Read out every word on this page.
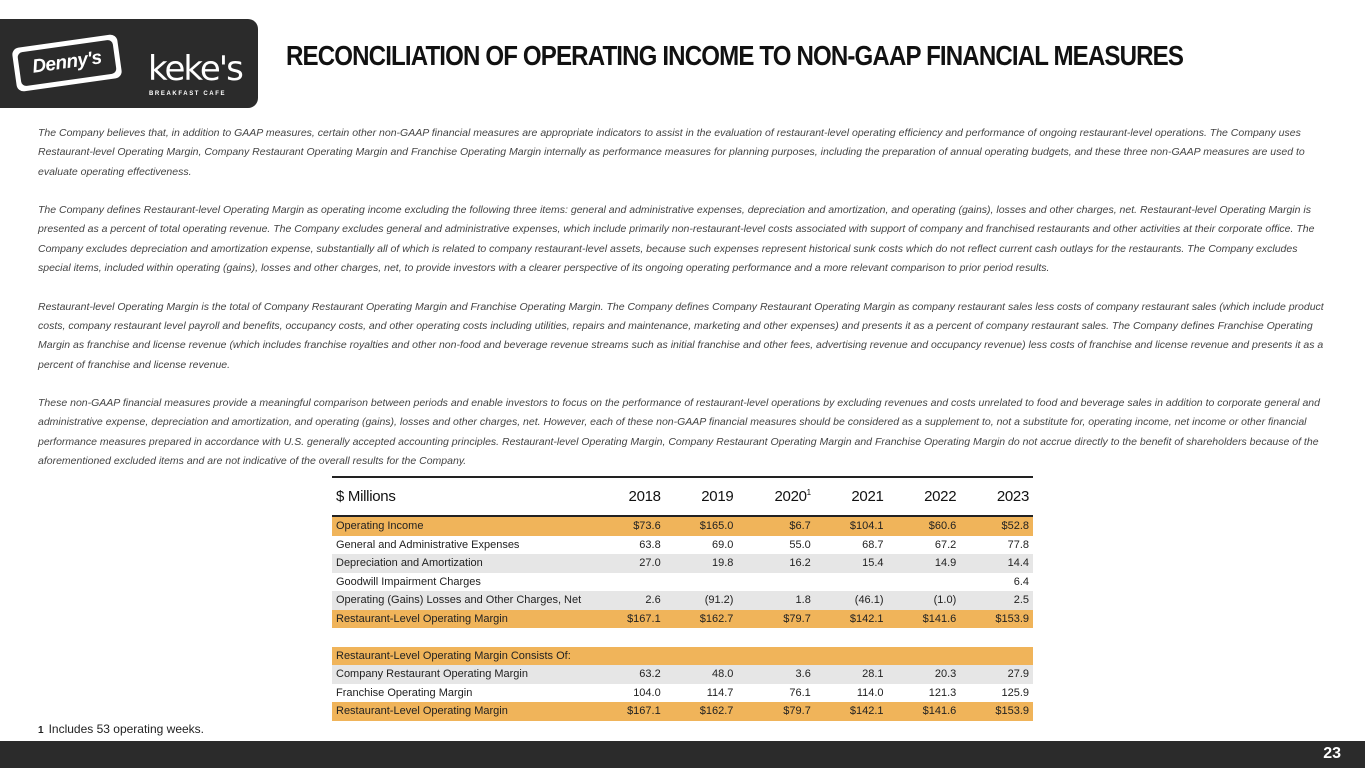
Denny's	keke's
BREAKFAST CAFE
RECONCILIATION OF OPERATING INCOME TO NON-GAAP FINANCIAL MEASURES

The Company believes that, in addition to GAAP measures, certain other non-GAAP financial measures are appropriate indicators to assist in the evaluation of restaurant-level operating efficiency and performance of ongoing restaurant-level operations. The Company uses Restaurant-level Operating Margin, Company Restaurant Operating Margin and Franchise Operating Margin internally as performance measures for planning purposes, including the preparation of annual operating budgets, and these three non-GAAP measures are used to evaluate operating effectiveness.

The Company defines Restaurant-level Operating Margin as operating income excluding the following three items: general and administrative expenses, depreciation and amortization, and operating (gains), losses and other charges, net. Restaurant-level Operating Margin is presented as a percent of total operating revenue. The Company excludes general and administrative expenses, which include primarily non-restaurant-level costs associated with support of company and franchised restaurants and other activities at their corporate office. The Company excludes depreciation and amortization expense, substantially all of which is related to company restaurant-level assets, because such expenses represent historical sunk costs which do not reflect current cash outlays for the restaurants. The Company excludes special items, included within operating (gains), losses and other charges, net, to provide investors with a clearer perspective of its ongoing operating performance and a more relevant comparison to prior period results.

Restaurant-level Operating Margin is the total of Company Restaurant Operating Margin and Franchise Operating Margin. The Company defines Company Restaurant Operating Margin as company restaurant sales less costs of company restaurant sales (which include product costs, company restaurant level payroll and benefits, occupancy costs, and other operating costs including utilities, repairs and maintenance, marketing and other expenses) and presents it as a percent of company restaurant sales. The Company defines Franchise Operating Margin as franchise and license revenue (which includes franchise royalties and other non-food and beverage revenue streams such as initial franchise and other fees, advertising revenue and occupancy revenue) less costs of franchise and license revenue and presents it as a percent of franchise and license revenue.

These non-GAAP financial measures provide a meaningful comparison between periods and enable investors to focus on the performance of restaurant-level operations by excluding revenues and costs unrelated to food and beverage sales in addition to corporate general and administrative expense, depreciation and amortization, and operating (gains), losses and other charges, net. However, each of these non-GAAP financial measures should be considered as a supplement to, not a substitute for, operating income, net income or other financial performance measures prepared in accordance with U.S. generally accepted accounting principles. Restaurant-level Operating Margin, Company Restaurant Operating Margin and Franchise Operating Margin do not accrue directly to the benefit of shareholders because of the aforementioned excluded items and are not indicative of the overall results for the Company.

$ Millions	2018	2019	2020$^1$	2021	2022	2023
Operating Income	$73.6	$165.0	$6.7	$104.1	$60.6	$52.8
General and Administrative Expenses	63.8	69.0	55.0	68.7	67.2	77.8
Depreciation and Amortization	27.0	19.8	16.2	15.4	14.9	14.4
Goodwill Impairment Charges						6.4
Operating (Gains) Losses and Other Charges, Net	2.6	(91.2)	1.8	(46.1)	(1.0)	2.5
Restaurant-Level Operating Margin	$167.1	$162.7	$79.7	$142.1	$141.6	$153.9

Restaurant-Level Operating Margin Consists Of:						
Company Restaurant Operating Margin	63.2	48.0	3.6	28.1	20.3	27.9
Franchise Operating Margin	104.0	114.7	76.1	114.0	121.3	125.9
Restaurant-Level Operating Margin	$167.1	$162.7	$79.7	$142.1	$141.6	$153.9
1 Includes 53 operating weeks.
23
